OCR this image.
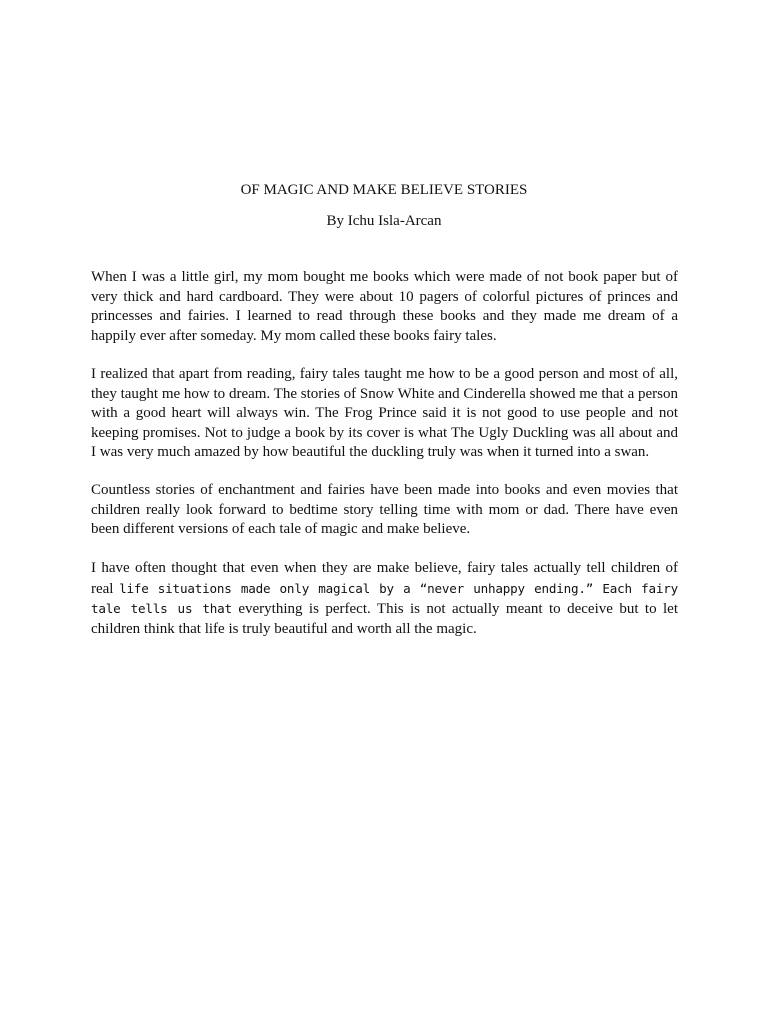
OF MAGIC AND MAKE BELIEVE STORIES

By Ichu Isla-Arcan

When I was a little girl, my mom bought me books which were made of not book paper but of very thick and hard cardboard. They were about 10 pagers of colorful pictures of princes and princesses and fairies. I learned to read through these books and they made me dream of a happily ever after someday. My mom called these books fairy tales.

I realized that apart from reading, fairy tales taught me how to be a good person and most of all, they taught me how to dream. The stories of Snow White and Cinderella showed me that a person with a good heart will always win. The Frog Prince said it is not good to use people and not keeping promises. Not to judge a book by its cover is what The Ugly Duckling was all about and I was very much amazed by how beautiful the duckling truly was when it turned into a swan.

Countless stories of enchantment and fairies have been made into books and even movies that children really look forward to bedtime story telling time with mom or dad. There have even been different versions of each tale of magic and make believe.

I have often thought that even when they are make believe, fairy tales actually tell children of real life situations made only magical by a “never unhappy ending.” Each fairy tale tells us that everything is perfect. This is not actually meant to deceive but to let children think that life is truly beautiful and worth all the magic.
